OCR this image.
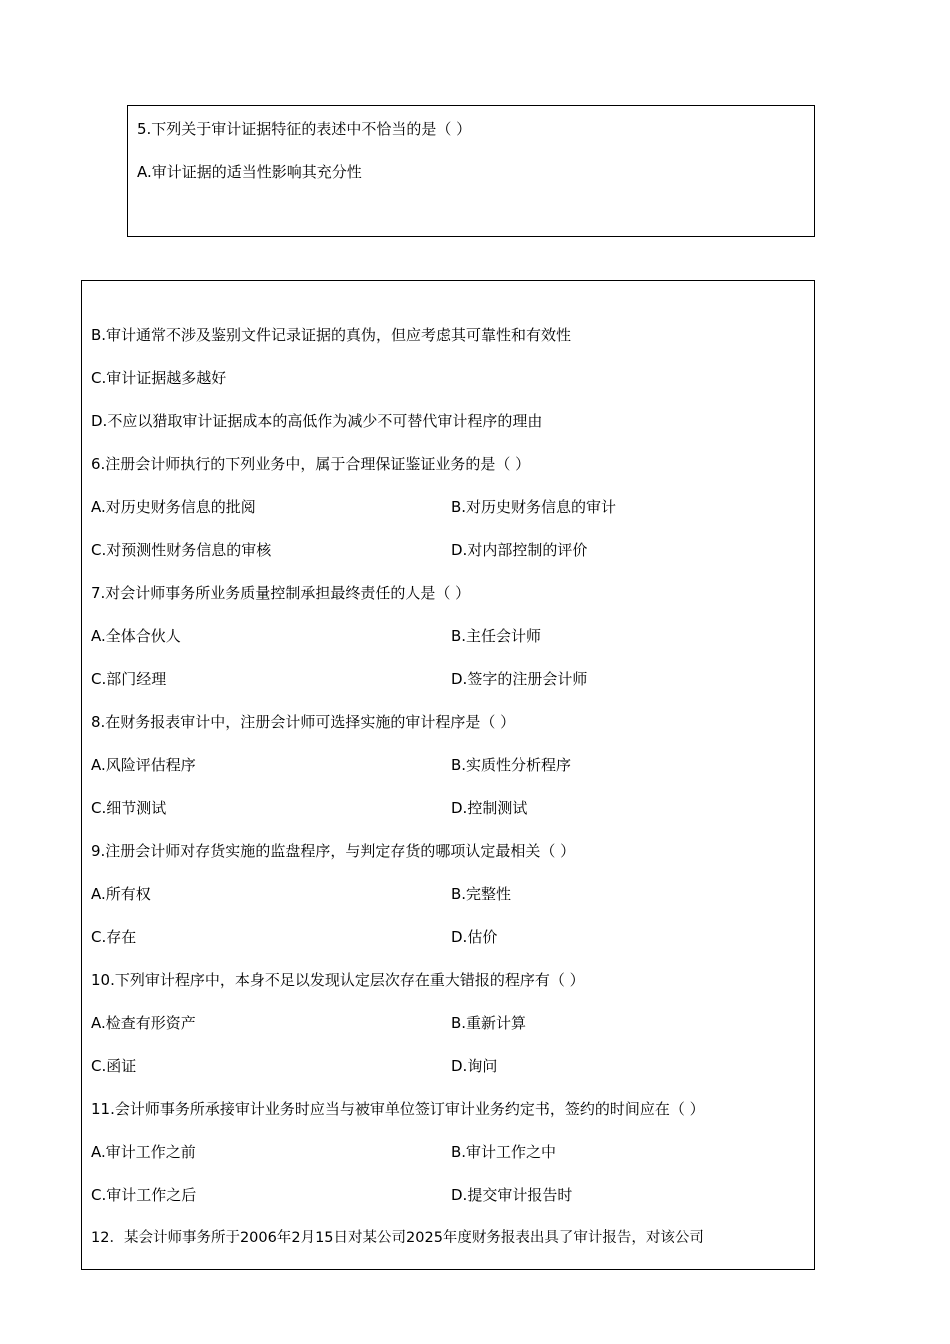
5.下列关于审计证据特征的表述中不恰当的是（ ）
A.审计证据的适当性影响其充分性
B.审计通常不涉及鉴别文件记录证据的真伪，但应考虑其可靠性和有效性
C.审计证据越多越好
D.不应以猎取审计证据成本的高低作为减少不可替代审计程序的理由
6.注册会计师执行的下列业务中，属于合理保证鉴证业务的是（ ）
A.对历史财务信息的批阅	B.对历史财务信息的审计
C.对预测性财务信息的审核	D.对内部控制的评价
7.对会计师事务所业务质量控制承担最终责任的人是（ ）
A.全体合伙人	B.主任会计师
C.部门经理	D.签字的注册会计师
8.在财务报表审计中，注册会计师可选择实施的审计程序是（ ）
A.风险评估程序	B.实质性分析程序
C.细节测试	D.控制测试
9.注册会计师对存货实施的监盘程序，与判定存货的哪项认定最相关（ ）
A.所有权	B.完整性
C.存在	D.估价
10.下列审计程序中，本身不足以发现认定层次存在重大错报的程序有（ ）
A.检查有形资产	B.重新计算
C.函证	D.询问
11.会计师事务所承接审计业务时应当与被审单位签订审计业务约定书，签约的时间应在（ ）
A.审计工作之前	B.审计工作之中
C.审计工作之后	D.提交审计报告时
12．某会计师事务所于2006年2月15日对某公司2025年度财务报表出具了审计报告，对该公司
